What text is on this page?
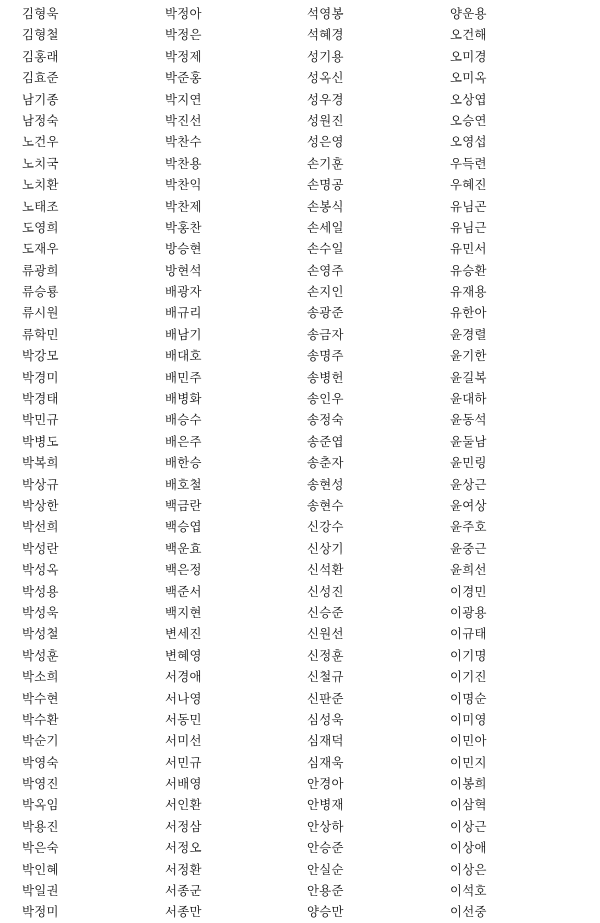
김형욱
김형철
김홍래
김효준
남기종
남정숙
노건우
노치국
노치환
노태조
도영희
도재우
류광희
류승룡
류시원
류학민
박강모
박경미
박경태
박민규
박병도
박복희
박상규
박상한
박선희
박성란
박성옥
박성용
박성욱
박성철
박성훈
박소희
박수현
박수환
박순기
박영숙
박영진
박옥임
박용진
박은숙
박인혜
박일권
박정미
박정아
박정은
박정제
박준홍
박지연
박진선
박찬수
박찬용
박찬익
박찬제
박홍찬
방승현
방현석
배광자
배규리
배남기
배대호
배민주
배병화
배승수
배은주
배한승
배호철
백금란
백승엽
백운효
백은정
백준서
백지현
변세진
변혜영
서경애
서나영
서동민
서미선
서민규
서배영
서인환
서정삼
서정오
서정환
서종군
서종만
석영봉
석혜경
성기용
성옥신
성우경
성원진
성은영
손기훈
손명공
손봉식
손세일
손수일
손영주
손지인
송광준
송금자
송명주
송병헌
송인우
송정숙
송준엽
송춘자
송현성
송현수
신강수
신상기
신석환
신성진
신승준
신원선
신정훈
신철규
신판준
심성욱
심재덕
심재욱
안경아
안병재
안상하
안승준
안실순
안용준
양승만
양운용
오건해
오미경
오미옥
오상엽
오승연
오영섭
우득련
우혜진
유님곤
유님근
유민서
유승환
유재용
유한아
윤경렬
윤기한
윤길복
윤대하
윤동석
윤둘남
윤민링
윤상근
윤여상
윤주호
윤중근
윤희선
이경민
이광용
이규태
이기명
이기진
이명순
이미영
이민아
이민지
이봉희
이삼혁
이상근
이상애
이상은
이석호
이선중
